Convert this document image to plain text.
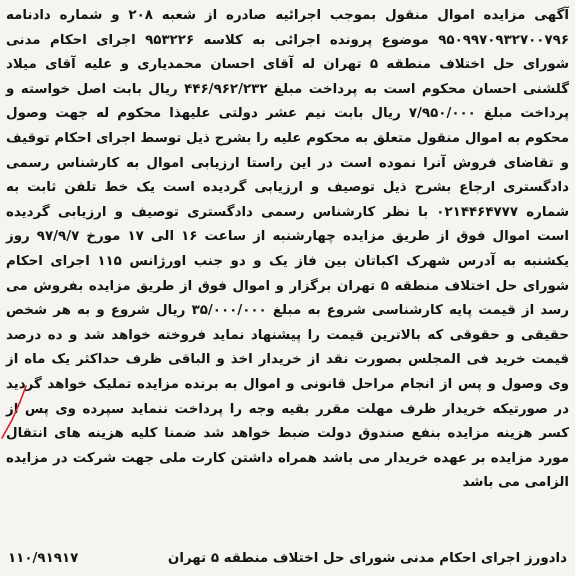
آگهی مزایده اموال منقول بموجب اجرائیه صادره از شعبه ۲۰۸ و شماره دادنامه ۹۵۰۹۹۷۰۹۳۲۷۰۰۷۹۶ موضوع پرونده اجرائی به کلاسه ۹۵۳۲۲۶ اجرای احکام مدنی شورای حل اختلاف منطقه ۵ تهران له آقای احسان محمدیاری و علیه آقای میلاد گلشنی احسان محکوم است به پرداخت مبلغ ۴۴۶/۹۶۲/۲۳۲ ریال بابت اصل خواسته و پرداخت مبلغ ۷/۹۵۰/۰۰۰ ریال بابت نیم عشر دولتی علیهذا محکوم له جهت وصول محکوم به اموال منقول متعلق به محکوم علیه را بشرح ذیل توسط اجرای احکام توقیف و تقاضای فروش آنرا نموده است در این راستا ارزیابی اموال به کارشناس رسمی دادگستری ارجاع بشرح ذیل توصیف و ارزیابی گردیده است یک خط تلفن ثابت به شماره ۰۲۱۴۴۶۴۷۷۷ با نظر کارشناس رسمی دادگستری توصیف و ارزیابی گردیده است اموال فوق از طریق مزایده چهارشنبه از ساعت ۱۶ الی ۱۷ مورخ ۹۷/۹/۷ روز یکشنبه به آدرس شهرک اکباتان بین فاز یک و دو جنب اورژانس ۱۱۵ اجرای احکام شورای حل اختلاف منطقه ۵ تهران برگزار و اموال فوق از طریق مزایده بفروش می رسد از قیمت پایه کارشناسی شروع به مبلغ ۳۵/۰۰۰/۰۰۰ ریال شروع و به هر شخص حقیقی و حقوقی که بالاترین قیمت را پیشنهاد نماید فروخته خواهد شد و ده درصد قیمت خرید فی المجلس بصورت نقد از خریدار اخذ و الباقی ظرف حداکثر یک ماه از وی وصول و پس از انجام مراحل قانونی و اموال به برنده مزایده تملیک خواهد گردید در صورتیکه خریدار ظرف مهلت مقرر بقیه وجه را پرداخت ننماید سپرده وی پس از کسر هزینه مزایده بنفع صندوق دولت ضبط خواهد شد ضمنا کلیه هزینه های انتقال مورد مزایده بر عهده خریدار می باشد همراه داشتن کارت ملی جهت شرکت در مزایده الزامی می باشد

دادورز اجرای احکام مدنی شورای حل اختلاف منطقه ۵ تهران
۱۱۰/۹۱۹۱۷
